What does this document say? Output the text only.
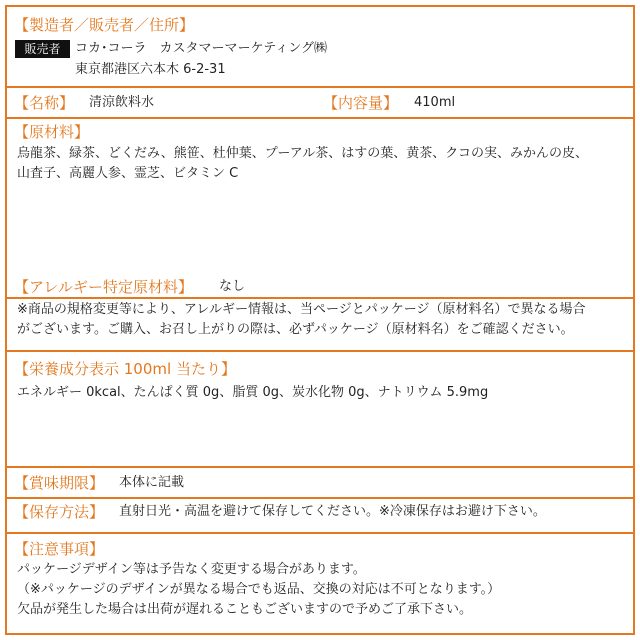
【製造者／販売者／住所】
販売者	コカ･コーラ　カスタマーマーケティング㈱
東京都港区六本木 6-2-31
【名称】 清涼飲料水	【内容量】 410ml
【原材料】
烏龍茶、緑茶、どくだみ、熊笹、杜仲葉、プーアル茶、はすの葉、黄茶、クコの実、みかんの皮、
山査子、高麗人参、霊芝、ビタミン C
【アレルギー特定原材料】 なし
※商品の規格変更等により、アレルギー情報は、当ページとパッケージ（原材料名）で異なる場合
がございます。ご購入、お召し上がりの際は、必ずパッケージ（原材料名）をご確認ください。
【栄養成分表示 100ml 当たり】
エネルギー 0kcal、たんぱく質 0g、脂質 0g、炭水化物 0g、ナトリウム 5.9mg
【賞味期限】 本体に記載
【保存方法】 直射日光・高温を避けて保存してください。※冷凍保存はお避け下さい。
【注意事項】
パッケージデザイン等は予告なく変更する場合があります。
（※パッケージのデザインが異なる場合でも返品、交換の対応は不可となります。）
欠品が発生した場合は出荷が遅れることもございますので予めご了承下さい。
